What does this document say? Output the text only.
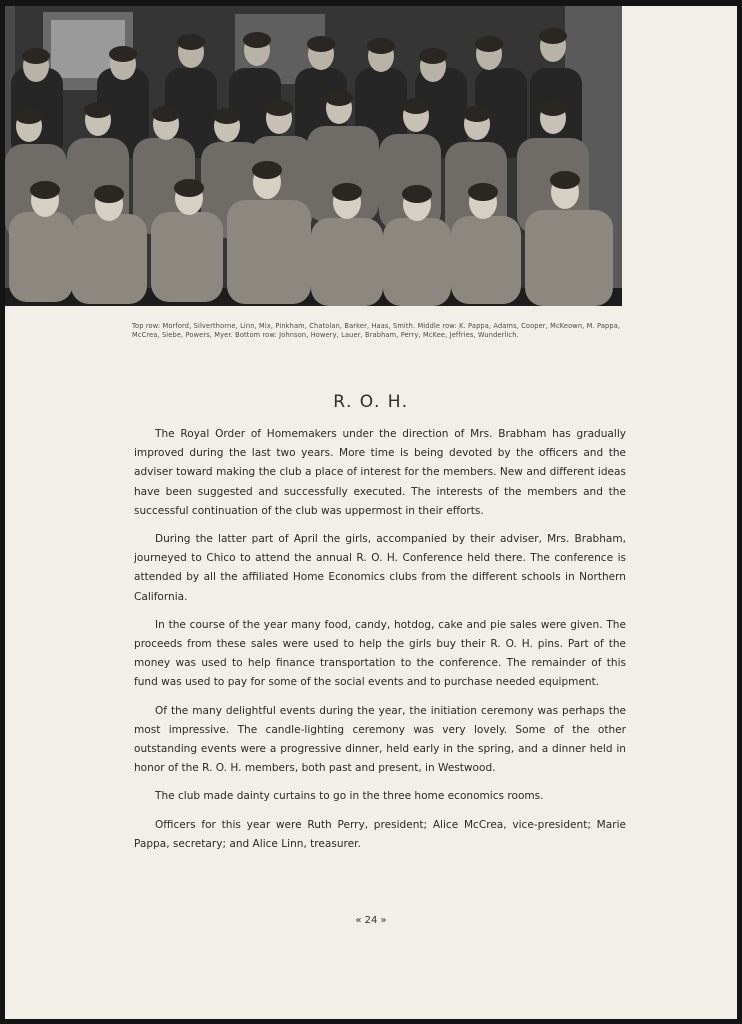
Top row: Morford, Silverthorne, Linn, Mix, Pinkham, Chatolan, Barker, Haas, Smith. Middle row: K. Pappa, Adams, Cooper, McKeown, M. Pappa, McCrea, Siebe, Powers, Myer. Bottom row: Johnson, Howery, Lauer, Brabham, Perry, McKee, Jeffries, Wunderlich.
R. O. H.

The Royal Order of Homemakers under the direction of Mrs. Brabham has gradually improved during the last two years. More time is being devoted by the officers and the adviser toward making the club a place of interest for the members. New and different ideas have been suggested and successfully executed. The interests of the members and the successful continuation of the club was uppermost in their efforts.

During the latter part of April the girls, accompanied by their adviser, Mrs. Brabham, journeyed to Chico to attend the annual R. O. H. Conference held there. The conference is attended by all the affiliated Home Economics clubs from the different schools in Northern California.

In the course of the year many food, candy, hotdog, cake and pie sales were given. The proceeds from these sales were used to help the girls buy their R. O. H. pins. Part of the money was used to help finance transportation to the conference. The remainder of this fund was used to pay for some of the social events and to purchase needed equipment.

Of the many delightful events during the year, the initiation ceremony was perhaps the most impressive. The candle-lighting ceremony was very lovely. Some of the other outstanding events were a progressive dinner, held early in the spring, and a dinner held in honor of the R. O. H. members, both past and present, in Westwood.

The club made dainty curtains to go in the three home economics rooms.

Officers for this year were Ruth Perry, president; Alice McCrea, vice-president; Marie Pappa, secretary; and Alice Linn, treasurer.

« 24 »
